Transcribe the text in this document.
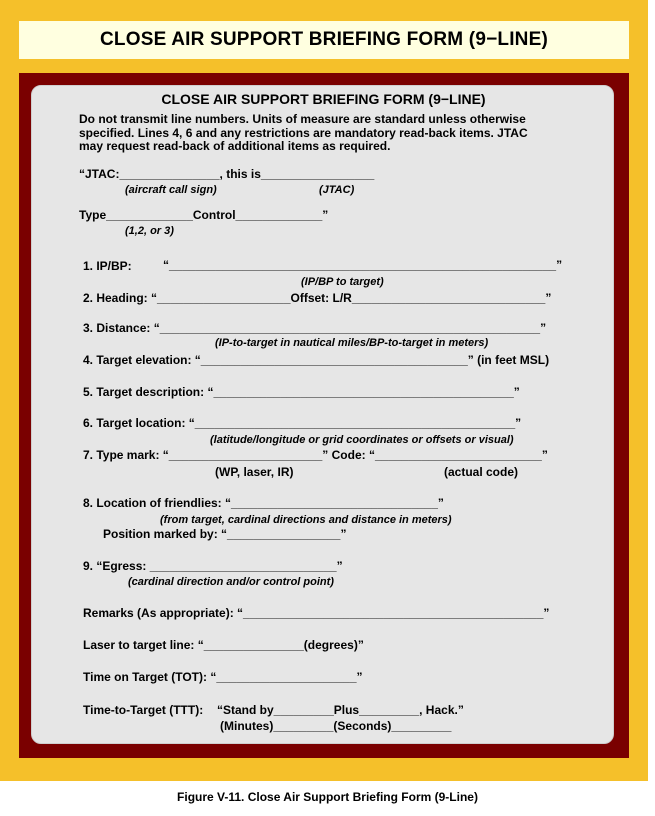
CLOSE AIR SUPPORT BRIEFING FORM (9−LINE)
CLOSE AIR SUPPORT BRIEFING FORM (9−LINE)
Do not transmit line numbers. Units of measure are standard unless otherwise
specified. Lines 4, 6 and any restrictions are mandatory read-back items. JTAC
may request read-back of additional items as required.
“JTAC:_______________, this is_________________
(aircraft call sign)	(JTAC)
Type_____________Control_____________”
(1,2, or 3)
1. IP/BP:	“__________________________________________________________”
(IP/BP to target)
2. Heading: “____________________Offset: L/R_____________________________”
3. Distance: “_________________________________________________________”
(IP-to-target in nautical miles/BP-to-target in meters)
4. Target elevation: “________________________________________” (in feet MSL)
5. Target description: “_____________________________________________”
6. Target location: “________________________________________________”
(latitude/longitude or grid coordinates or offsets or visual)
7. Type mark: “_______________________” Code: “_________________________”
(WP, laser, IR)	(actual code)
8. Location of friendlies: “_______________________________”
(from target, cardinal directions and distance in meters)
Position marked by: “_________________”
9. “Egress: ____________________________”
(cardinal direction and/or control point)
Remarks (As appropriate): “_____________________________________________”
Laser to target line: “_______________(degrees)”
Time on Target (TOT): “_____________________”
Time-to-Target (TTT): “Stand by_________Plus_________, Hack.”
(Minutes)_________(Seconds)_________
Figure V-11. Close Air Support Briefing Form (9-Line)
